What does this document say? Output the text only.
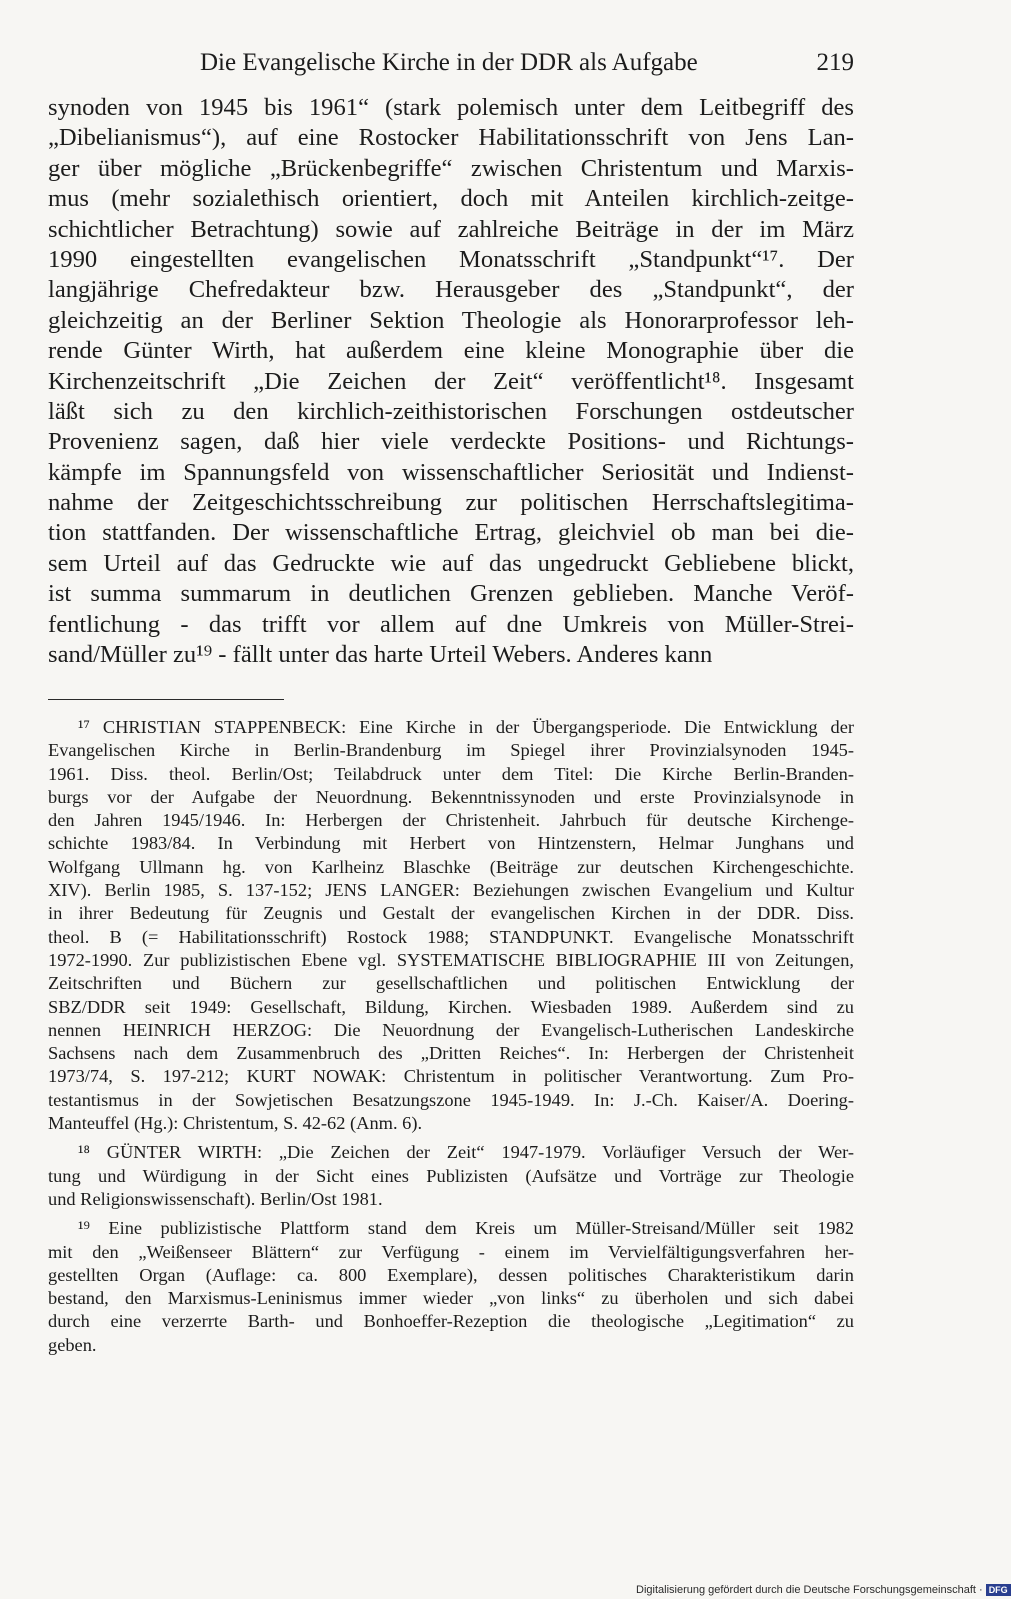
Die Evangelische Kirche in der DDR als Aufgabe	219
synoden von 1945 bis 1961“ (stark polemisch unter dem Leitbegriff des
„Dibelianismus“), auf eine Rostocker Habilitationsschrift von Jens Lan-
ger über mögliche „Brückenbegriffe“ zwischen Christentum und Marxis-
mus (mehr sozialethisch orientiert, doch mit Anteilen kirchlich-zeitge-
schichtlicher Betrachtung) sowie auf zahlreiche Beiträge in der im März
1990 eingestellten evangelischen Monatsschrift „Standpunkt“¹⁷. Der
langjährige Chefredakteur bzw. Herausgeber des „Standpunkt“, der
gleichzeitig an der Berliner Sektion Theologie als Honorarprofessor leh-
rende Günter Wirth, hat außerdem eine kleine Monographie über die
Kirchenzeitschrift „Die Zeichen der Zeit“ veröffentlicht¹⁸. Insgesamt
läßt sich zu den kirchlich-zeithistorischen Forschungen ostdeutscher
Provenienz sagen, daß hier viele verdeckte Positions- und Richtungs-
kämpfe im Spannungsfeld von wissenschaftlicher Seriosität und Indienst-
nahme der Zeitgeschichtsschreibung zur politischen Herrschaftslegitima-
tion stattfanden. Der wissenschaftliche Ertrag, gleichviel ob man bei die-
sem Urteil auf das Gedruckte wie auf das ungedruckt Gebliebene blickt,
ist summa summarum in deutlichen Grenzen geblieben. Manche Veröf-
fentlichung - das trifft vor allem auf dne Umkreis von Müller-Strei-
sand/Müller zu¹⁹ - fällt unter das harte Urteil Webers. Anderes kann
¹⁷ CHRISTIAN STAPPENBECK: Eine Kirche in der Übergangsperiode. Die Entwicklung der
Evangelischen Kirche in Berlin-Brandenburg im Spiegel ihrer Provinzialsynoden 1945-
1961. Diss. theol. Berlin/Ost; Teilabdruck unter dem Titel: Die Kirche Berlin-Branden-
burgs vor der Aufgabe der Neuordnung. Bekenntnissynoden und erste Provinzialsynode in
den Jahren 1945/1946. In: Herbergen der Christenheit. Jahrbuch für deutsche Kirchenge-
schichte 1983/84. In Verbindung mit Herbert von Hintzenstern, Helmar Junghans und
Wolfgang Ullmann hg. von Karlheinz Blaschke (Beiträge zur deutschen Kirchengeschichte.
XIV). Berlin 1985, S. 137-152; JENS LANGER: Beziehungen zwischen Evangelium und Kultur
in ihrer Bedeutung für Zeugnis und Gestalt der evangelischen Kirchen in der DDR. Diss.
theol. B (= Habilitationsschrift) Rostock 1988; STANDPUNKT. Evangelische Monatsschrift
1972-1990. Zur publizistischen Ebene vgl. SYSTEMATISCHE BIBLIOGRAPHIE III von Zeitungen,
Zeitschriften und Büchern zur gesellschaftlichen und politischen Entwicklung der
SBZ/DDR seit 1949: Gesellschaft, Bildung, Kirchen. Wiesbaden 1989. Außerdem sind zu
nennen HEINRICH HERZOG: Die Neuordnung der Evangelisch-Lutherischen Landeskirche
Sachsens nach dem Zusammenbruch des „Dritten Reiches“. In: Herbergen der Christenheit
1973/74, S. 197-212; KURT NOWAK: Christentum in politischer Verantwortung. Zum Pro-
testantismus in der Sowjetischen Besatzungszone 1945-1949. In: J.-Ch. Kaiser/A. Doering-
Manteuffel (Hg.): Christentum, S. 42-62 (Anm. 6).
¹⁸ GÜNTER WIRTH: „Die Zeichen der Zeit“ 1947-1979. Vorläufiger Versuch der Wer-
tung und Würdigung in der Sicht eines Publizisten (Aufsätze und Vorträge zur Theologie
und Religionswissenschaft). Berlin/Ost 1981.
¹⁹ Eine publizistische Plattform stand dem Kreis um Müller-Streisand/Müller seit 1982
mit den „Weißenseer Blättern“ zur Verfügung - einem im Vervielfältigungsverfahren her-
gestellten Organ (Auflage: ca. 800 Exemplare), dessen politisches Charakteristikum darin
bestand, den Marxismus-Leninismus immer wieder „von links“ zu überholen und sich dabei
durch eine verzerrte Barth- und Bonhoeffer-Rezeption die theologische „Legitimation“ zu
geben.
Digitalisierung gefördert durch die Deutsche Forschungsgemeinschaft · DFG
